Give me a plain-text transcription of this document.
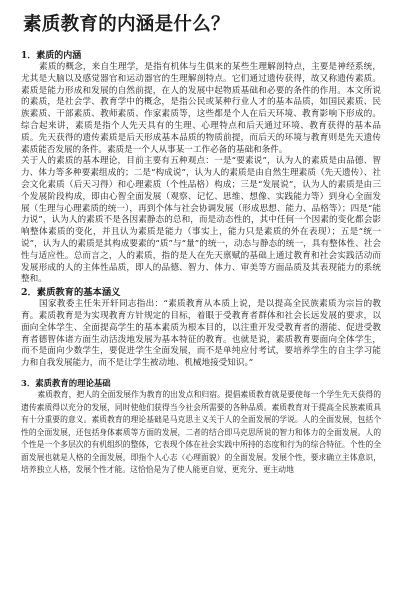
素质教育的内涵是什么？

1．素质的内涵

素质的概念，来自生理学，是指有机体与生俱来的某些生理解剖特点，主要是神经系统，尤其是大脑以及感觉器官和运动器官的生理解剖特点。它们通过遗传获得，故又称遗传素质。素质是能力形成和发展的自然前提，在人的发展中起物质基础和必要的条件的作用。本文所说的素质，是社会学、教育学中的概念，是指公民或某种行业人才的基本品质，如国民素质、民族素质、干部素质、教师素质、作家素质等，这些都是个人在后天环境、教育影响下形成的。综合起来讲，素质是指个人先天具有的生理、心理特点和后天通过环境、教育获得的基本品质。先天获得的遗传素质是后天形成基本品质的物质前提，而后天的环境与教育则是先天遗传素质能否发展的条件。素质是一个人从事某一工作必备的基础和条件。

关于人的素质的基本理论，目前主要有五种观点：一是“要素说”，认为人的素质是由品德、智力、体力等多种要素组成的；二是“构成说”，认为人的素质是由自然生理素质（先天遗传）、社会文化素质（后天习得）和心理素质（个性品格）构成；三是“发展说”，认为人的素质是由三个发展阶段构成，即由心智全面发展（观察、记忆、思维、想像、实践能力等）到身心全面发展（生理与心理素质的统一），再到个体与社会协调发展（形成思想、能力、品格等）；四是“能力说”，认为人的素质不是各因素静态的总和，而是动态性的，其中任何一个因素的变化都会影响整体素质的变化，并且认为素质是能力（事实上，能力只是素质的外在表现）；五是“统一说”，认为人的素质是其构成要素的“质”与“量”的统一，动态与静态的统一，具有整体性、社会性与适应性。总而言之，人的素质，指的是人在先天禀赋的基础上通过教育和社会实践活动而发展形成的人的主体性品质，即人的品德、智力、体力、审美等方面品质及其表现能力的系统整和。

2．素质教育的基本涵义

国家教委主任朱开轩同志指出：“素质教育从本质上说，是以提高全民族素质为宗旨的教育。素质教育是为实现教育方针规定的目标，着眼于受教育者群体和社会长远发展的要求，以面向全体学生、全面提高学生的基本素质为根本目的，以注重开发受教育者的潜能、促进受教育者德智体诸方面生动活泼地发展为基本特征的教育。也就是说，素质教育要面向全体学生，而不是面向少数学生，要促进学生全面发展，而不是单纯应付考试，要培养学生的自主学习能力和自我发展能力，而不是让学生被动地、机械地接受知识。”

3．素质教育的理论基础

素质教育，把人的全面发展作为教育的出发点和归宿。提倡素质教育就是要使每一个学生先天获得的遗传素质得以充分的发展，同时使他们获得当今社会所需要的各种品质。素质教育对于提高全民族素质具有十分重要的意义。素质教育的理论基础是马克思主义关于人的全面发展的学说。人的全面发展，包括个性的全面发展，还包括身体素质等方面的发展，二者的结合即马克思所说的智力和体力的全面发展。人的个性是一个多层次的有机组织的整体，它表现个体在社会实践中所持的态度和行为的综合特征。个性的全面发展也就是人格的全面发展，即指个人心志（心理面貌）的全面发展。发展个性，要求确立主体意识，培养独立人格，发展个性才能。这恰恰是为了使人能更自觉、更充分、更主动地
